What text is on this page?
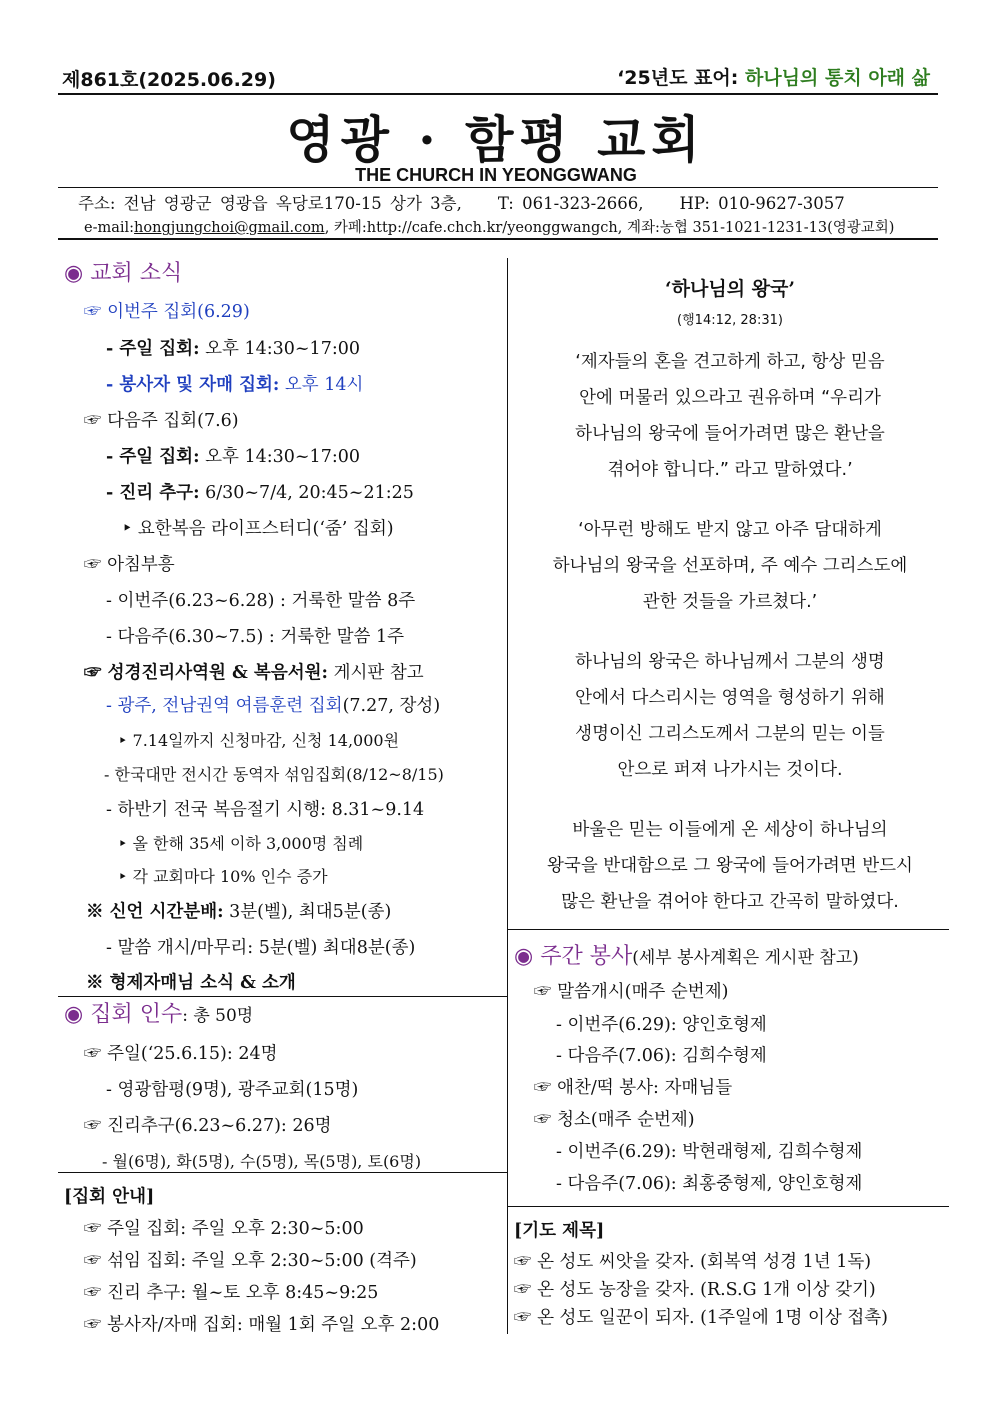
제861호(2025.06.29)	‘25년도 표어: 하나님의 통치 아래 삶
영광 · 함평 교회
THE CHURCH IN YEONGGWANG
주소: 전남 영광군 영광읍 옥당로170-15 상가 3층, T: 061-323-2666, HP: 010-9627-3057
e-mail:hongjungchoi@gmail.com, 카페:http://cafe.chch.kr/yeonggwangch, 계좌:농협 351-1021-1231-13(영광교회)
◉ 교회 소식
☞ 이번주 집회(6.29)
- 주일 집회: 오후 14:30~17:00
- 봉사자 및 자매 집회: 오후 14시
☞ 다음주 집회(7.6)
- 주일 집회: 오후 14:30~17:00
- 진리 추구: 6/30~7/4, 20:45~21:25
‣ 요한복음 라이프스터디(‘줌’ 집회)
☞ 아침부흥
- 이번주(6.23~6.28) : 거룩한 말씀 8주
- 다음주(6.30~7.5) : 거룩한 말씀 1주
☞ 성경진리사역원 & 복음서원: 게시판 참고
- 광주, 전남권역 여름훈련 집회(7.27, 장성)
‣ 7.14일까지 신청마감, 신청 14,000원
- 한국대만 전시간 동역자 섞임집회(8/12~8/15)
- 하반기 전국 복음절기 시행: 8.31~9.14
‣ 올 한해 35세 이하 3,000명 침례
‣ 각 교회마다 10% 인수 증가
※ 신언 시간분배: 3분(벨), 최대5분(종)
- 말씀 개시/마무리: 5분(벨) 최대8분(종)
※ 형제자매님 소식 & 소개
◉ 집회 인수: 총 50명
☞ 주일(‘25.6.15): 24명
- 영광함평(9명), 광주교회(15명)
☞ 진리추구(6.23~6.27): 26명
- 월(6명), 화(5명), 수(5명), 목(5명), 토(6명)
[집회 안내]
☞ 주일 집회: 주일 오후 2:30~5:00
☞ 섞임 집회: 주일 오후 2:30~5:00 (격주)
☞ 진리 추구: 월~토 오후 8:45~9:25
☞ 봉사자/자매 집회: 매월 1회 주일 오후 2:00
‘하나님의 왕국’
(행14:12, 28:31)
‘제자들의 혼을 견고하게 하고, 항상 믿음
안에 머물러 있으라고 권유하며 “우리가
하나님의 왕국에 들어가려면 많은 환난을
겪어야 합니다.” 라고 말하였다.’
‘아무런 방해도 받지 않고 아주 담대하게
하나님의 왕국을 선포하며, 주 예수 그리스도에
관한 것들을 가르쳤다.’
하나님의 왕국은 하나님께서 그분의 생명
안에서 다스리시는 영역을 형성하기 위해
생명이신 그리스도께서 그분의 믿는 이들
안으로 퍼져 나가시는 것이다.
바울은 믿는 이들에게 온 세상이 하나님의
왕국을 반대함으로 그 왕국에 들어가려면 반드시
많은 환난을 겪어야 한다고 간곡히 말하였다.
◉ 주간 봉사(세부 봉사계획은 게시판 참고)
☞ 말씀개시(매주 순번제)
- 이번주(6.29): 양인호형제
- 다음주(7.06): 김희수형제
☞ 애찬/떡 봉사: 자매님들
☞ 청소(매주 순번제)
- 이번주(6.29): 박현래형제, 김희수형제
- 다음주(7.06): 최홍중형제, 양인호형제
[기도 제목]
☞ 온 성도 씨앗을 갖자. (회복역 성경 1년 1독)
☞ 온 성도 농장을 갖자. (R.S.G 1개 이상 갖기)
☞ 온 성도 일꾼이 되자. (1주일에 1명 이상 접촉)
